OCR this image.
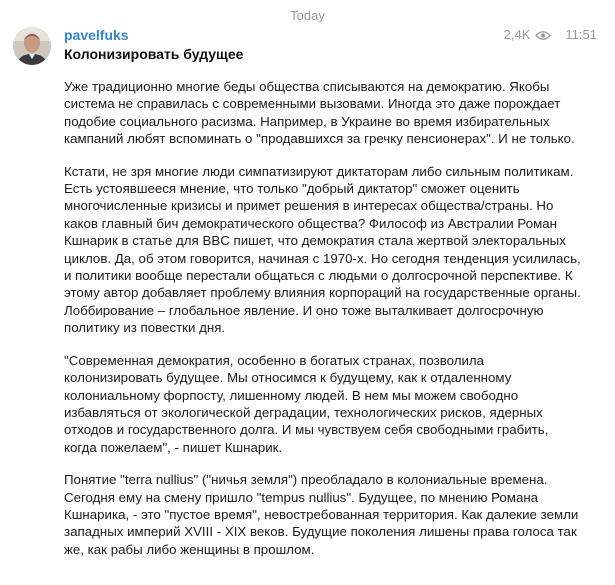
Today
pavelfuks	2,4K	11:51
Колонизировать будущее

Уже традиционно многие беды общества списываются на демократию. Якобы система не справилась с современными вызовами. Иногда это даже порождает подобие социального расизма. Например, в Украине во время избирательных кампаний любят вспоминать о "продавшихся за гречку пенсионерах". И не только.

Кстати, не зря многие люди симпатизируют диктаторам либо сильным политикам. Есть устоявшееся мнение, что только "добрый диктатор" сможет оценить многочисленные кризисы и примет решения в интересах общества/страны. Но каков главный бич демократического общества? Философ из Австралии Роман Кшнарик в статье для BBC пишет, что демократия стала жертвой электоральных циклов. Да, об этом говорится, начиная с 1970-х. Но сегодня тенденция усилилась, и политики вообще перестали общаться с людьми о долгосрочной перспективе. К этому автор добавляет проблему влияния корпораций на государственные органы. Лоббирование – глобальное явление. И оно тоже выталкивает долгосрочную политику из повестки дня.

"Современная демократия, особенно в богатых странах, позволила колонизировать будущее. Мы относимся к будущему, как к отдаленному колониальному форпосту, лишенному людей. В нем мы можем свободно избавляться от экологической деградации, технологических рисков, ядерных отходов и государственного долга. И мы чувствуем себя свободными грабить, когда пожелаем", - пишет Кшнарик.

Понятие "terra nullius" ("ничья земля") преобладало в колониальные времена. Сегодня ему на смену пришло "tempus nullius". Будущее, по мнению Романа Кшнарика, - это "пустое время", невостребованная территория. Как далекие земли западных империй XVIII - XIX веков. Будущие поколения лишены права голоса так же, как рабы либо женщины в прошлом.
